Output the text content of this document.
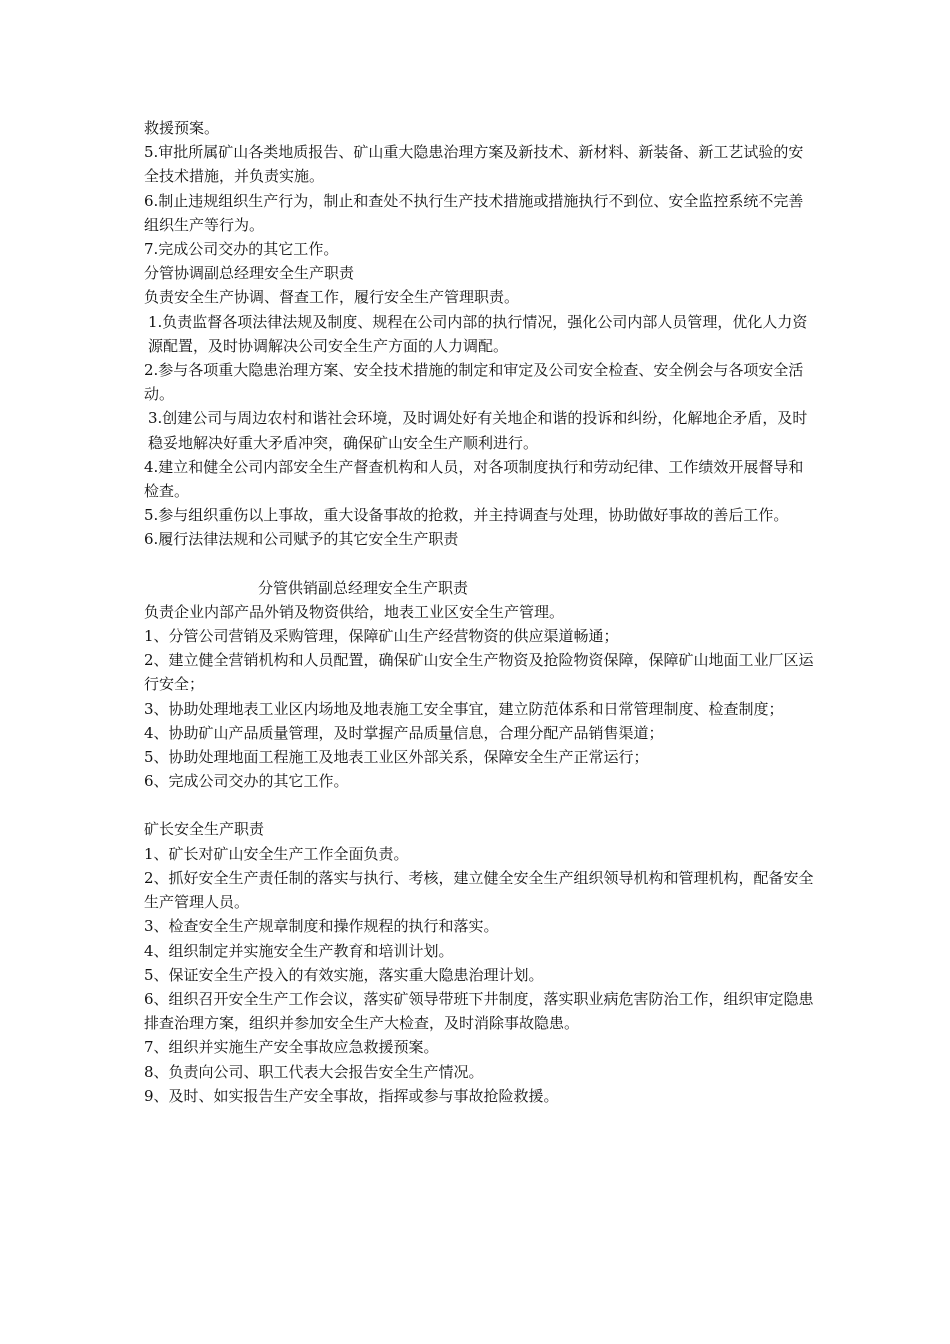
救援预案。

5.审批所属矿山各类地质报告、矿山重大隐患治理方案及新技术、新材料、新装备、新工艺试验的安全技术措施，并负责实施。

6.制止违规组织生产行为，制止和查处不执行生产技术措施或措施执行不到位、安全监控系统不完善组织生产等行为。

7.完成公司交办的其它工作。

分管协调副总经理安全生产职责

负责安全生产协调、督查工作，履行安全生产管理职责。

1.负责监督各项法律法规及制度、规程在公司内部的执行情况，强化公司内部人员管理，优化人力资源配置，及时协调解决公司安全生产方面的人力调配。

2.参与各项重大隐患治理方案、安全技术措施的制定和审定及公司安全检查、安全例会与各项安全活动。

3.创建公司与周边农村和谐社会环境，及时调处好有关地企和谐的投诉和纠纷，化解地企矛盾，及时稳妥地解决好重大矛盾冲突，确保矿山安全生产顺利进行。

4.建立和健全公司内部安全生产督查机构和人员，对各项制度执行和劳动纪律、工作绩效开展督导和检查。

5.参与组织重伤以上事故，重大设备事故的抢救，并主持调查与处理，协助做好事故的善后工作。

6.履行法律法规和公司赋予的其它安全生产职责

分管供销副总经理安全生产职责

负责企业内部产品外销及物资供给，地表工业区安全生产管理。

1、分管公司营销及采购管理，保障矿山生产经营物资的供应渠道畅通；

2、建立健全营销机构和人员配置，确保矿山安全生产物资及抢险物资保障，保障矿山地面工业厂区运行安全；

3、协助处理地表工业区内场地及地表施工安全事宜，建立防范体系和日常管理制度、检查制度；

4、协助矿山产品质量管理，及时掌握产品质量信息，合理分配产品销售渠道；

5、协助处理地面工程施工及地表工业区外部关系，保障安全生产正常运行；

6、完成公司交办的其它工作。

矿长安全生产职责

1、矿长对矿山安全生产工作全面负责。

2、抓好安全生产责任制的落实与执行、考核，建立健全安全生产组织领导机构和管理机构，配备安全生产管理人员。

3、检查安全生产规章制度和操作规程的执行和落实。

4、组织制定并实施安全生产教育和培训计划。

5、保证安全生产投入的有效实施，落实重大隐患治理计划。

6、组织召开安全生产工作会议，落实矿领导带班下井制度，落实职业病危害防治工作，组织审定隐患排查治理方案，组织并参加安全生产大检查，及时消除事故隐患。

7、组织并实施生产安全事故应急救援预案。

8、负责向公司、职工代表大会报告安全生产情况。

9、及时、如实报告生产安全事故，指挥或参与事故抢险救援。
